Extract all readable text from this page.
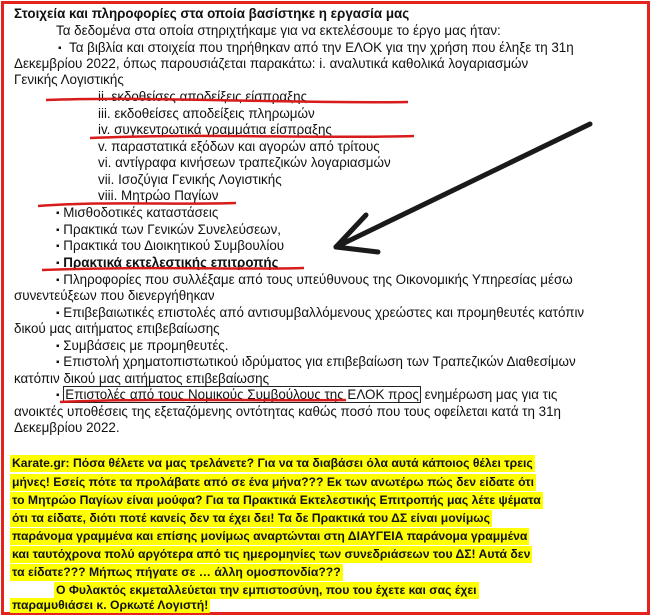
Στοιχεία και πληροφορίες στα οποία βασίστηκε η εργασία μας
Τα δεδομένα στα οποία στηριχτήκαμε για να εκτελέσουμε το έργο μας ήταν:
▪ Τα βιβλία και στοιχεία που τηρήθηκαν από την ΕΛΟΚ για την χρήση που έληξε τη 31η
Δεκεμβρίου 2022, όπως παρουσιάζεται παρακάτω: i. αναλυτικά καθολικά λογαριασμών
Γενικής Λογιστικής
ii. εκδοθείσες αποδείξεις είσπραξης
iii. εκδοθείσες αποδείξεις πληρωμών
iv. συγκεντρωτικά γραμμάτια είσπραξης
v. παραστατικά εξόδων και αγορών από τρίτους
vi. αντίγραφα κινήσεων τραπεζικών λογαριασμών
vii. Ισοζύγια Γενικής Λογιστικής
viii. Μητρώο Παγίων
▪ Μισθοδοτικές καταστάσεις
▪ Πρακτικά των Γενικών Συνελεύσεων,
▪ Πρακτικά του Διοικητικού Συμβουλίου
▪ Πρακτικά εκτελεστικής επιτροπής
▪ Πληροφορίες που συλλέξαμε από τους υπεύθυνους της Οικονομικής Υπηρεσίας μέσω
συνεντεύξεων που διενεργήθηκαν
▪ Επιβεβαιωτικές επιστολές από αντισυμβαλλόμενους χρεώστες και προμηθευτές κατόπιν
δικού μας αιτήματος επιβεβαίωσης
▪ Συμβάσεις με προμηθευτές.
▪ Επιστολή χρηματοπιστωτικού ιδρύματος για επιβεβαίωση των Τραπεζικών Διαθεσίμων
κατόπιν δικού μας αιτήματος επιβεβαίωσης
▪ Επιστολές από τους Νομικούς Συμβούλους της ΕΛΟΚ προς ενημέρωση μας για τις
ανοικτές υποθέσεις της εξεταζόμενης οντότητας καθώς ποσό που τους οφείλεται κατά τη 31η
Δεκεμβρίου 2022.
Karate.gr: Πόσα θέλετε να μας τρελάνετε? Για να τα διαβάσει όλα αυτά κάποιος θέλει τρεις
μήνες! Εσείς πότε τα προλάβατε από σε ένα μήνα??? Εκ των ανωτέρω πώς δεν είδατε ότι
το Μητρώο Παγίων είναι μούφα? Για τα Πρακτικά Εκτελεστικής Επιτροπής μας λέτε ψέματα
ότι τα είδατε, διότι ποτέ κανείς δεν τα έχει δει! Τα δε Πρακτικά του ΔΣ είναι μονίμως
παράνομα γραμμένα και επίσης μονίμως αναρτώνται στη ΔΙΑΥΓΕΙΑ παράνομα γραμμένα
και ταυτόχρονα πολύ αργότερα από τις ημερομηνίες των συνεδριάσεων του ΔΣ! Αυτά δεν
τα είδατε??? Μήπως πήγατε σε … άλλη ομοσπονδία???
Ο Φυλακτός εκμεταλλεύεται την εμπιστοσύνη, που του έχετε και σας έχει
παραμυθιάσει κ. Ορκωτέ Λογιστή!
